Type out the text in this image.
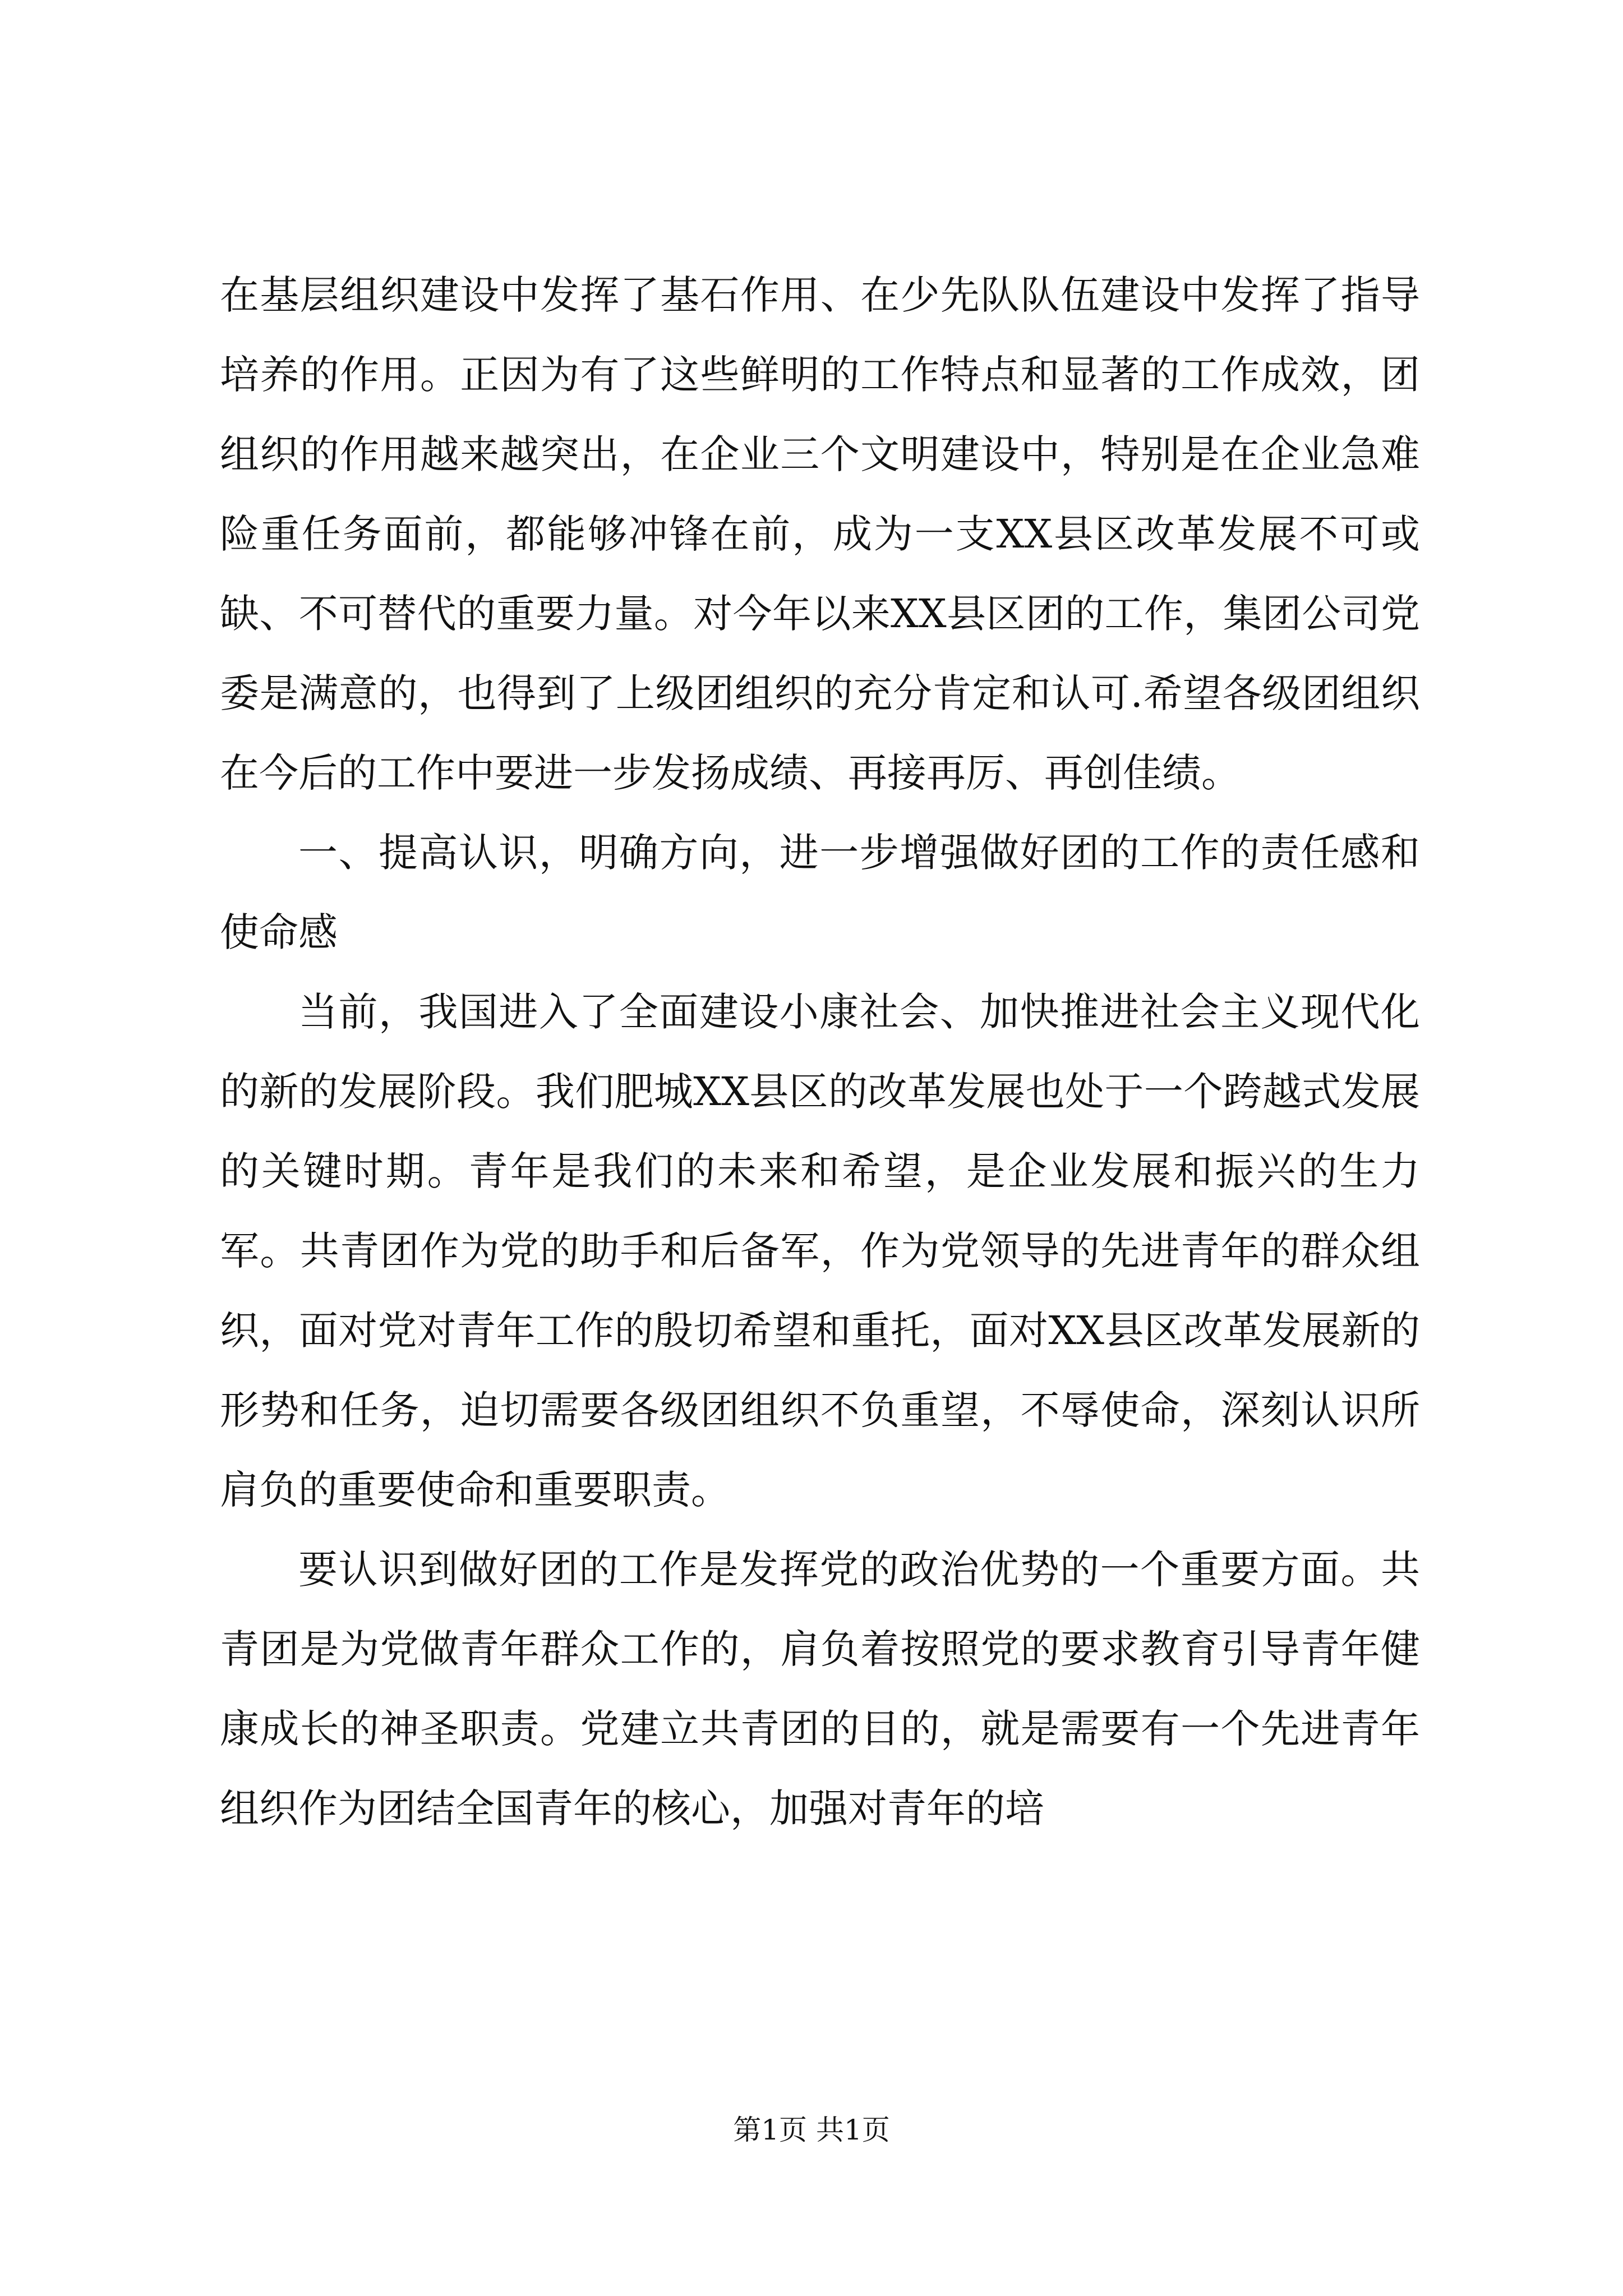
在基层组织建设中发挥了基石作用、在少先队队伍建设中发挥了指导培养的作用。正因为有了这些鲜明的工作特点和显著的工作成效，团组织的作用越来越突出，在企业三个文明建设中，特别是在企业急难险重任务面前，都能够冲锋在前，成为一支XX县区改革发展不可或缺、不可替代的重要力量。对今年以来XX县区团的工作，集团公司党委是满意的，也得到了上级团组织的充分肯定和认可.希望各级团组织在今后的工作中要进一步发扬成绩、再接再厉、再创佳绩。

一、提高认识，明确方向，进一步增强做好团的工作的责任感和使命感

当前，我国进入了全面建设小康社会、加快推进社会主义现代化的新的发展阶段。我们肥城XX县区的改革发展也处于一个跨越式发展的关键时期。青年是我们的未来和希望，是企业发展和振兴的生力军。共青团作为党的助手和后备军，作为党领导的先进青年的群众组织，面对党对青年工作的殷切希望和重托，面对XX县区改革发展新的形势和任务，迫切需要各级团组织不负重望，不辱使命，深刻认识所肩负的重要使命和重要职责。

要认识到做好团的工作是发挥党的政治优势的一个重要方面。共青团是为党做青年群众工作的，肩负着按照党的要求教育引导青年健康成长的神圣职责。党建立共青团的目的，就是需要有一个先进青年组织作为团结全国青年的核心，加强对青年的培

第1页 共1页
